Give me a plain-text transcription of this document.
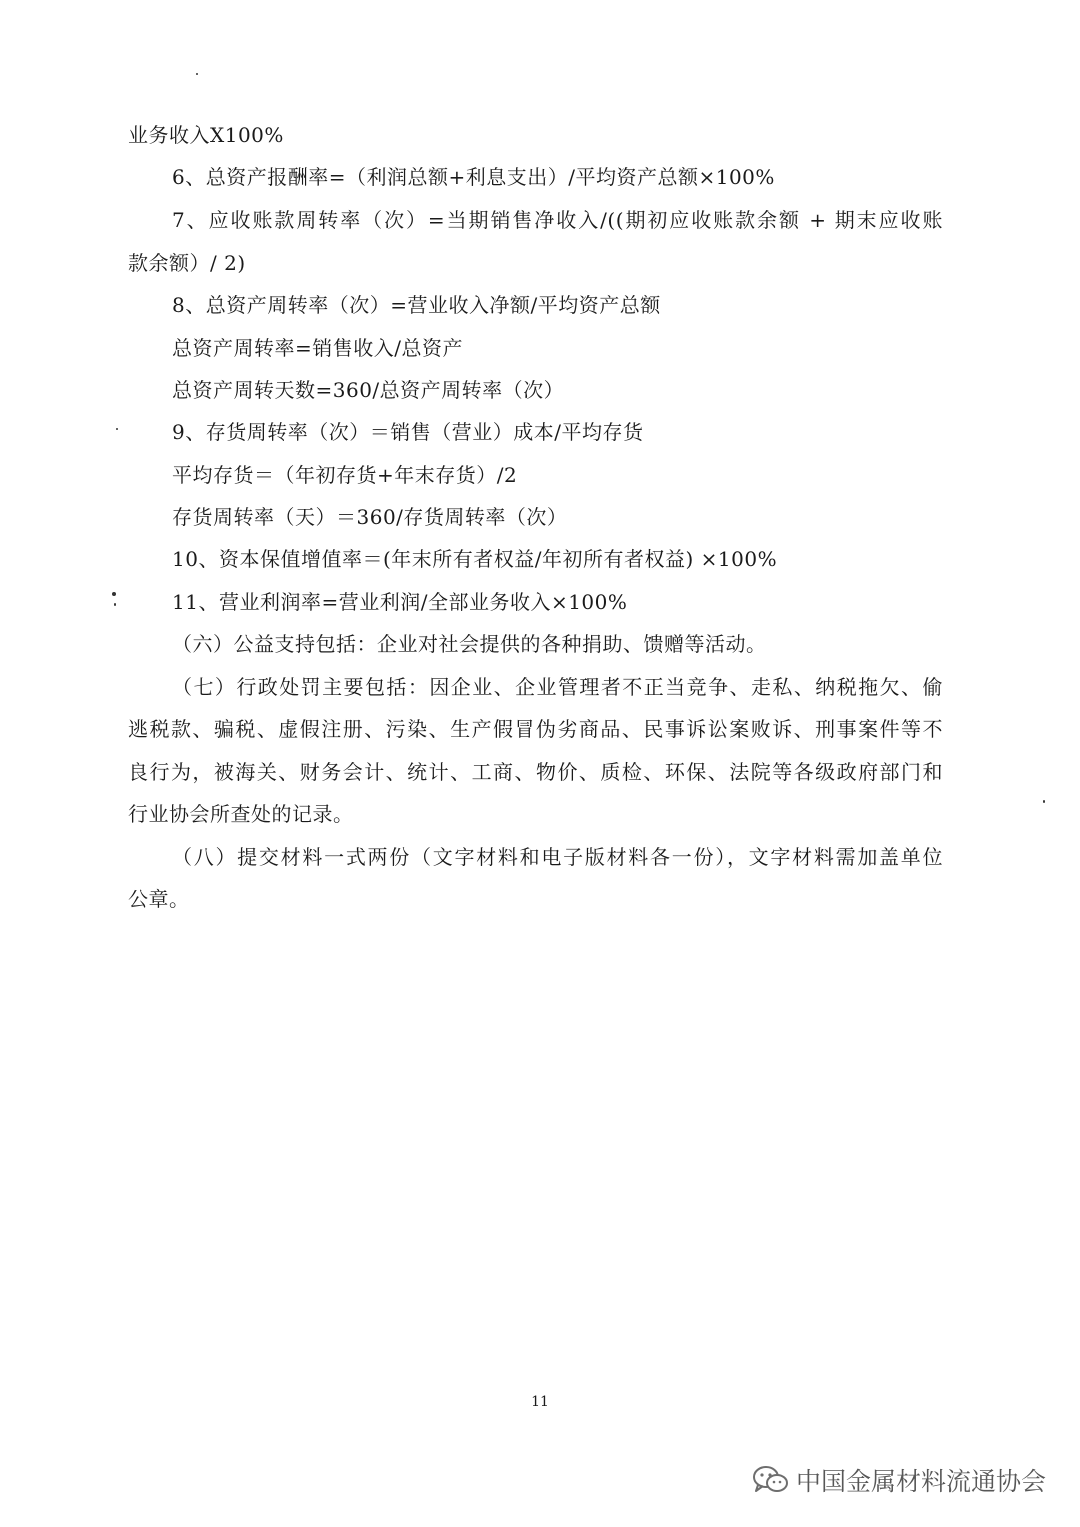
业务收入X100%
6、总资产报酬率=（利润总额+利息支出）/平均资产总额×100%
7、应收账款周转率（次）=当期销售净收入/((期初应收账款余额 + 期末应收账
款余额）/ 2)
8、总资产周转率（次）=营业收入净额/平均资产总额
总资产周转率=销售收入/总资产
总资产周转天数=360/总资产周转率（次）
9、存货周转率（次）＝销售（营业）成本/平均存货
平均存货＝（年初存货+年末存货）/2
存货周转率（天）＝360/存货周转率（次）
10、资本保值增值率＝(年末所有者权益/年初所有者权益) ×100%
11、营业利润率=营业利润/全部业务收入×100%
（六）公益支持包括：企业对社会提供的各种捐助、馈赠等活动。
（七）行政处罚主要包括：因企业、企业管理者不正当竞争、走私、纳税拖欠、偷
逃税款、骗税、虚假注册、污染、生产假冒伪劣商品、民事诉讼案败诉、刑事案件等不
良行为，被海关、财务会计、统计、工商、物价、质检、环保、法院等各级政府部门和
行业协会所查处的记录。
（八）提交材料一式两份（文字材料和电子版材料各一份），文字材料需加盖单位
公章。
11
中国金属材料流通协会
